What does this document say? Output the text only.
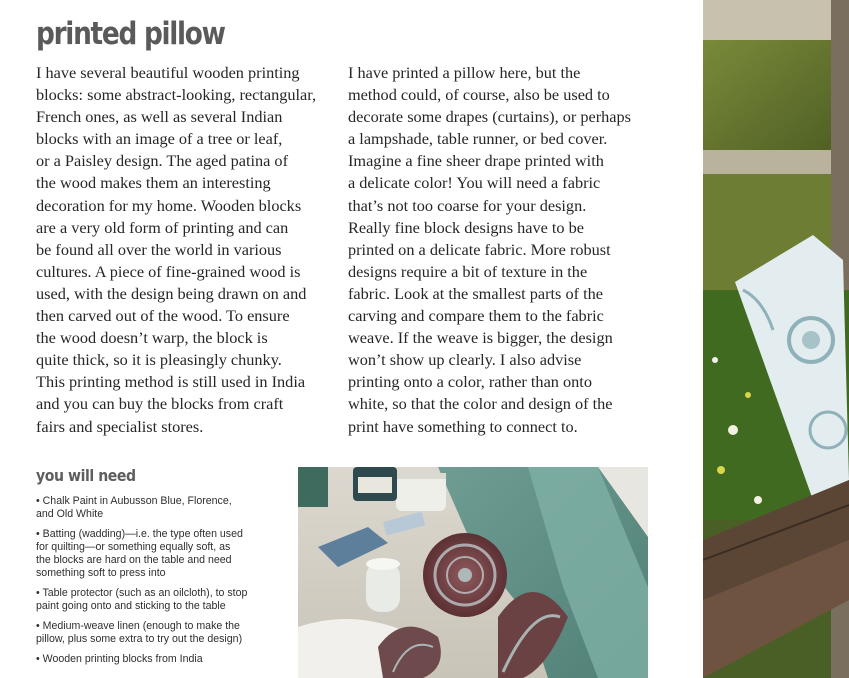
printed pillow
I have several beautiful wooden printing
blocks: some abstract-looking, rectangular,
French ones, as well as several Indian
blocks with an image of a tree or leaf,
or a Paisley design. The aged patina of
the wood makes them an interesting
decoration for my home. Wooden blocks
are a very old form of printing and can
be found all over the world in various
cultures. A piece of fine-grained wood is
used, with the design being drawn on and
then carved out of the wood. To ensure
the wood doesn’t warp, the block is
quite thick, so it is pleasingly chunky.
This printing method is still used in India
and you can buy the blocks from craft
fairs and specialist stores.
I have printed a pillow here, but the
method could, of course, also be used to
decorate some drapes (curtains), or perhaps
a lampshade, table runner, or bed cover.
Imagine a fine sheer drape printed with
a delicate color! You will need a fabric
that’s not too coarse for your design.
Really fine block designs have to be
printed on a delicate fabric. More robust
designs require a bit of texture in the
fabric. Look at the smallest parts of the
carving and compare them to the fabric
weave. If the weave is bigger, the design
won’t show up clearly. I also advise
printing onto a color, rather than onto
white, so that the color and design of the
print have something to connect to.
you will need
• Chalk Paint in Aubusson Blue, Florence,
and Old White
• Batting (wadding)—i.e. the type often used
for quilting—or something equally soft, as
the blocks are hard on the table and need
something soft to press into
• Table protector (such as an oilcloth), to stop
paint going onto and sticking to the table
• Medium-weave linen (enough to make the
pillow, plus some extra to try out the design)
• Wooden printing blocks from India
